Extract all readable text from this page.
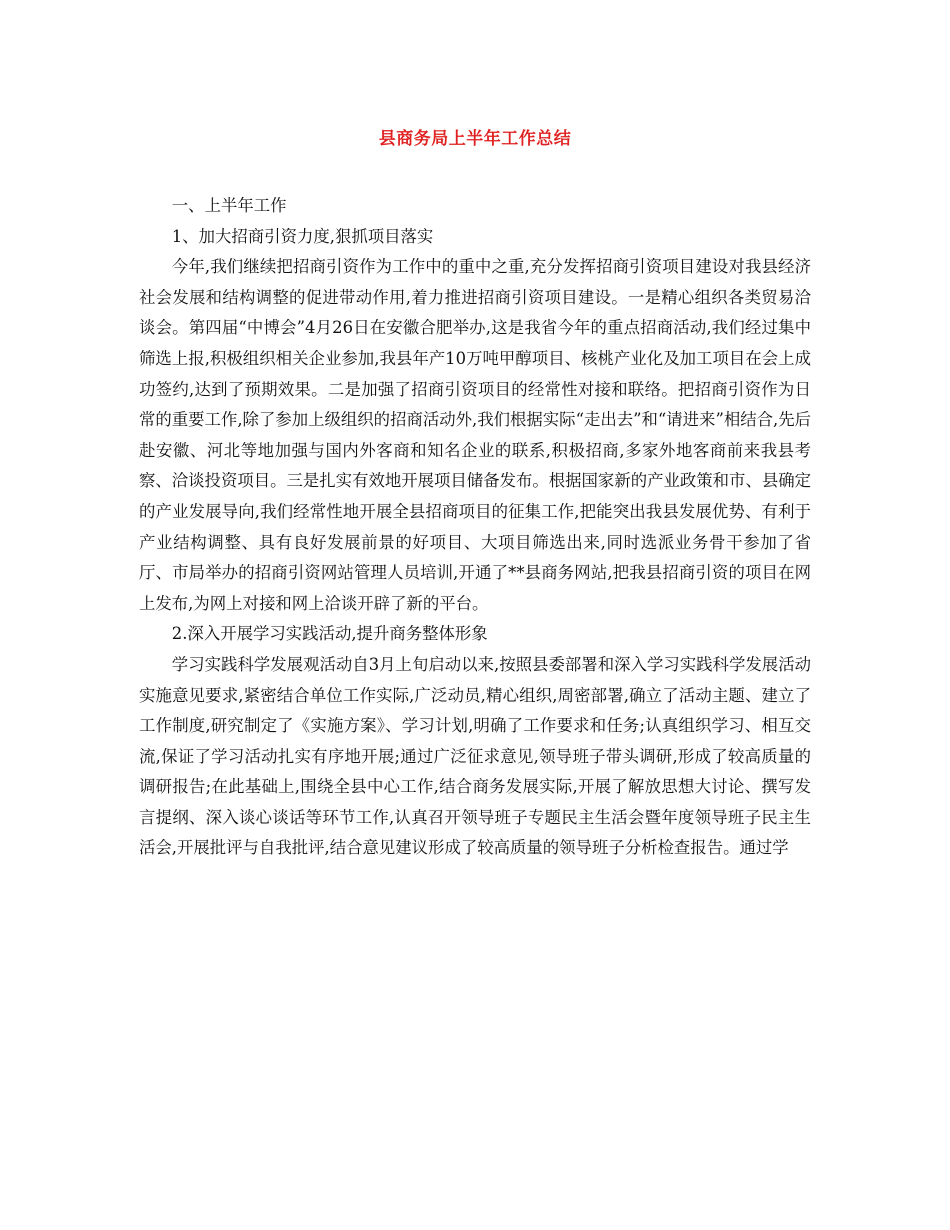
县商务局上半年工作总结

一、上半年工作

1、加大招商引资力度,狠抓项目落实

今年,我们继续把招商引资作为工作中的重中之重,充分发挥招商引资项目建设对我县经济社会发展和结构调整的促进带动作用,着力推进招商引资项目建设。一是精心组织各类贸易洽谈会。第四届“中博会”4月26日在安徽合肥举办,这是我省今年的重点招商活动,我们经过集中筛选上报,积极组织相关企业参加,我县年产10万吨甲醇项目、核桃产业化及加工项目在会上成功签约,达到了预期效果。二是加强了招商引资项目的经常性对接和联络。把招商引资作为日常的重要工作,除了参加上级组织的招商活动外,我们根据实际“走出去”和“请进来”相结合,先后赴安徽、河北等地加强与国内外客商和知名企业的联系,积极招商,多家外地客商前来我县考察、洽谈投资项目。三是扎实有效地开展项目储备发布。根据国家新的产业政策和市、县确定的产业发展导向,我们经常性地开展全县招商项目的征集工作,把能突出我县发展优势、有利于产业结构调整、具有良好发展前景的好项目、大项目筛选出来,同时选派业务骨干参加了省厅、市局举办的招商引资网站管理人员培训,开通了**县商务网站,把我县招商引资的项目在网上发布,为网上对接和网上洽谈开辟了新的平台。

2.深入开展学习实践活动,提升商务整体形象

学习实践科学发展观活动自3月上旬启动以来,按照县委部署和深入学习实践科学发展活动实施意见要求,紧密结合单位工作实际,广泛动员,精心组织,周密部署,确立了活动主题、建立了工作制度,研究制定了《实施方案》、学习计划,明确了工作要求和任务;认真组织学习、相互交流,保证了学习活动扎实有序地开展;通过广泛征求意见,领导班子带头调研,形成了较高质量的调研报告;在此基础上,围绕全县中心工作,结合商务发展实际,开展了解放思想大讨论、撰写发言提纲、深入谈心谈话等环节工作,认真召开领导班子专题民主生活会暨年度领导班子民主生活会,开展批评与自我批评,结合意见建议形成了较高质量的领导班子分析检查报告。通过学
